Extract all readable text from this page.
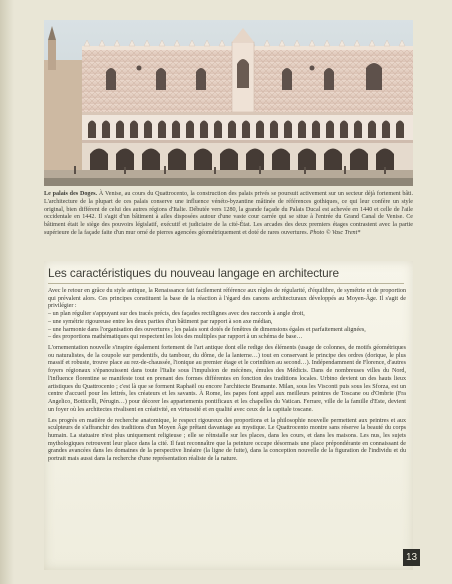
Le palais des Doges. À Venise, au cours du Quattrocento, la construction des palais privés se poursuit activement sur un secteur déjà fortement bâti. L'architecture de la plupart de ces palais conserve une influence vénéto-byzantine mâtinée de références gothiques, ce qui leur confère un style original, bien différent de celui des autres régions d'Italie. Débutée vers 1280, la grande façade du Palais Ducal est achevée en 1440 et celle de l'aile occidentale en 1442. Il s'agit d'un bâtiment à ailes disposées autour d'une vaste cour carrée qui se situe à l'entrée du Grand Canal de Venise. Ce bâtiment était le siège des pouvoirs législatif, exécutif et judiciaire de la cité-État. Les arcades des deux premiers étages contrastent avec la partie supérieure de la façade faite d'un mur orné de pierres agencées géométriquement et doté de rares ouvertures. Photo © Vasc Trent*
Les caractéristiques du nouveau langage en architecture

Avec le retour en grâce du style antique, la Renaissance fait facilement référence aux règles de régularité, d'équilibre, de symétrie et de proportion qui prévalent alors. Ces principes constituent la base de la réaction à l'égard des canons architecturaux développés au Moyen-Âge. Il s'agit de privilégier :

– un plan régulier s'appuyant sur des tracés précis, des façades rectilignes avec des raccords à angle droit,

– une symétrie rigoureuse entre les deux parties d'un bâtiment par rapport à son axe médian,

– une harmonie dans l'organisation des ouvertures ; les palais sont dotés de fenêtres de dimensions égales et parfaitement alignées,

– des proportions mathématiques qui respectent les lois des multiples par rapport à un schéma de base…

L'ornementation nouvelle s'inspire également fortement de l'art antique dont elle redige des éléments (usage de colonnes, de motifs géométriques ou naturalistes, de la coupole sur pendentifs, du tambour, du dôme, de la lanterne…) tout en conservant le principe des ordres (dorique, le plus massif et robuste, trouve place au rez-de-chaussée, l'ionique au premier étage et le corinthien au second…). Indépendamment de Florence, d'autres foyers régionaux s'épanouissent dans toute l'Italie sous l'impulsion de mécènes, émules des Médicis. Dans de nombreuses villes du Nord, l'influence florentine se manifeste tout en prenant des formes différentes en fonction des traditions locales. Urbino devient un des hauts lieux artistiques du Quattrocento ; c'est là que se forment Raphaël ou encore l'architecte Bramante. Milan, sous les Visconti puis sous les Sforza, est un centre d'accueil pour les lettrés, les créateurs et les savants. À Rome, les papes font appel aux meilleurs peintres de Toscane ou d'Ombrie (Fra Angelico, Botticelli, Pérugin…) pour décorer les appartements pontificaux et les chapelles du Vatican. Ferrare, ville de la famille d'Este, devient un foyer où les architectes rivalisent en créativité, en virtuosité et en qualité avec ceux de la capitale toscane.

Les progrès en matière de recherche anatomique, le respect rigoureux des proportions et la philosophie nouvelle permettent aux peintres et aux sculpteurs de s'affranchir des traditions d'un Moyen Âge prêtant davantage au mystique. Le Quattrocento montre sans réserve la beauté du corps humain. La statuaire n'est plus uniquement religieuse ; elle se réinstalle sur les places, dans les cours, et dans les maisons. Les nus, les sujets mythologiques retrouvent leur place dans la cité. Il faut reconnaître que la peinture occupe désormais une place prépondérante en connaissant de grandes avancées dans les domaines de la perspective linéaire (la ligne de fuite), dans la conception nouvelle de la figuration de l'individu et du portrait mais aussi dans la recherche d'une représentation réaliste de la nature.

13
